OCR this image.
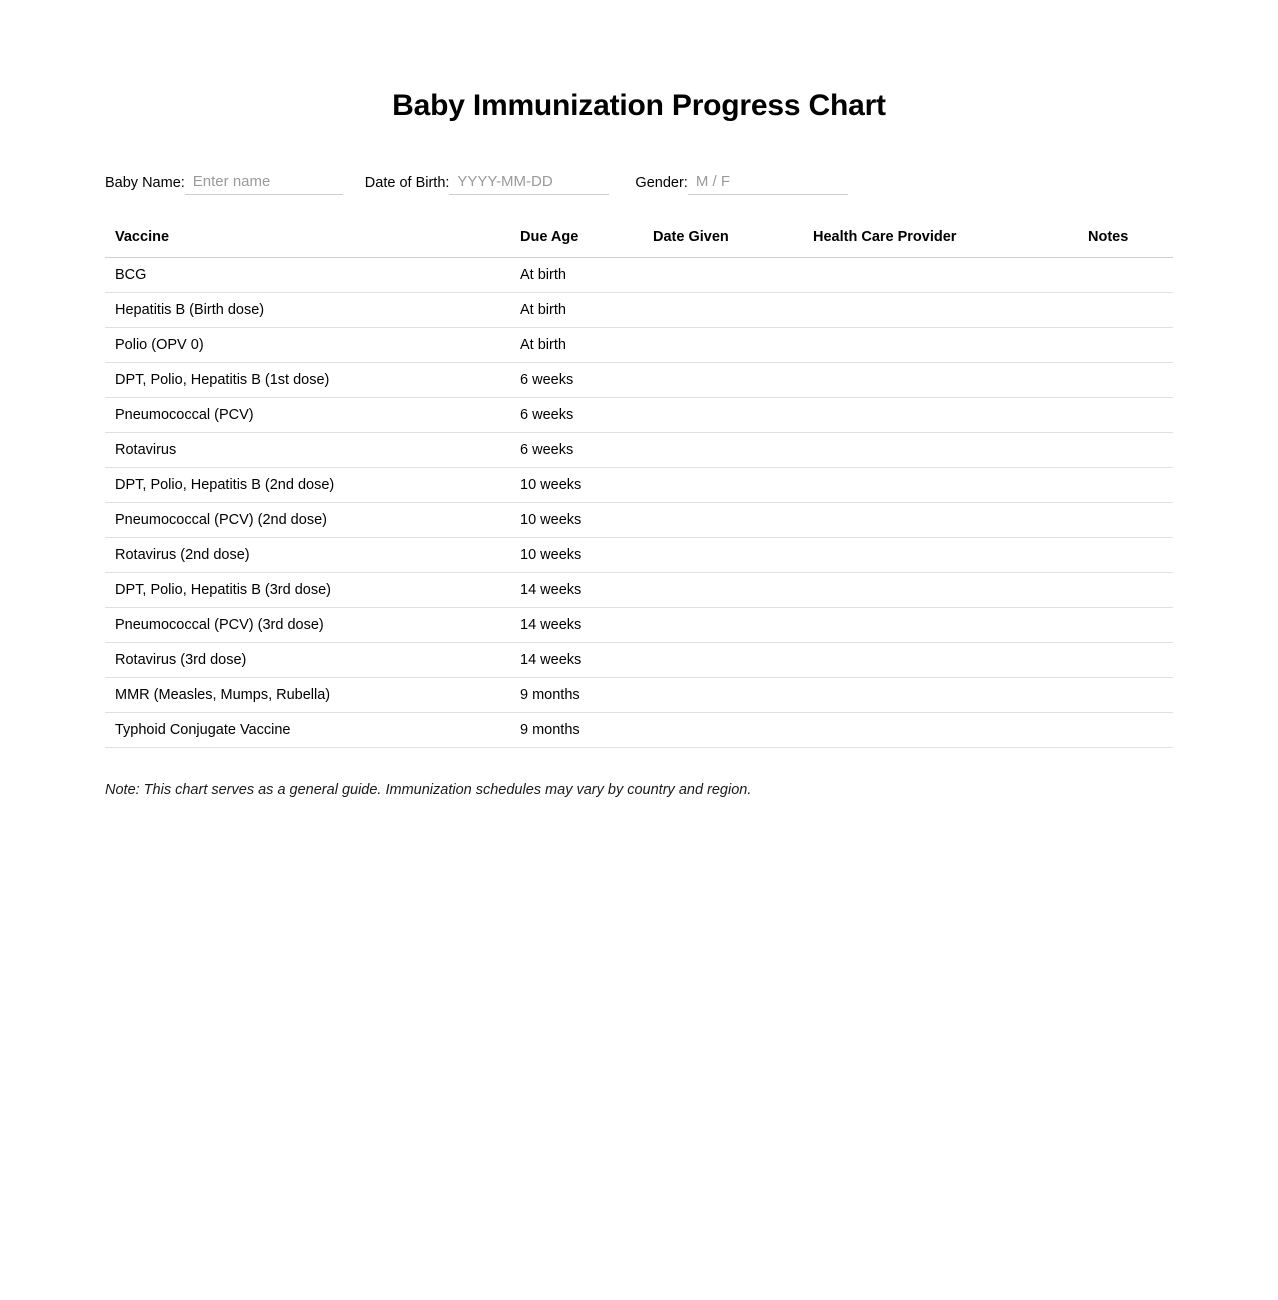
Baby Immunization Progress Chart
Baby Name:
Enter name	Date of Birth:
YYYY-MM-DD	Gender:
M / F
Vaccine	Due Age	Date Given	Health Care Provider	Notes
BCG	At birth			
Hepatitis B (Birth dose)	At birth			
Polio (OPV 0)	At birth			
DPT, Polio, Hepatitis B (1st dose)	6 weeks			
Pneumococcal (PCV)	6 weeks			
Rotavirus	6 weeks			
DPT, Polio, Hepatitis B (2nd dose)	10 weeks			
Pneumococcal (PCV) (2nd dose)	10 weeks			
Rotavirus (2nd dose)	10 weeks			
DPT, Polio, Hepatitis B (3rd dose)	14 weeks			
Pneumococcal (PCV) (3rd dose)	14 weeks			
Rotavirus (3rd dose)	14 weeks			
MMR (Measles, Mumps, Rubella)	9 months			
Typhoid Conjugate Vaccine	9 months			
Note: This chart serves as a general guide. Immunization schedules may vary by country and region.
